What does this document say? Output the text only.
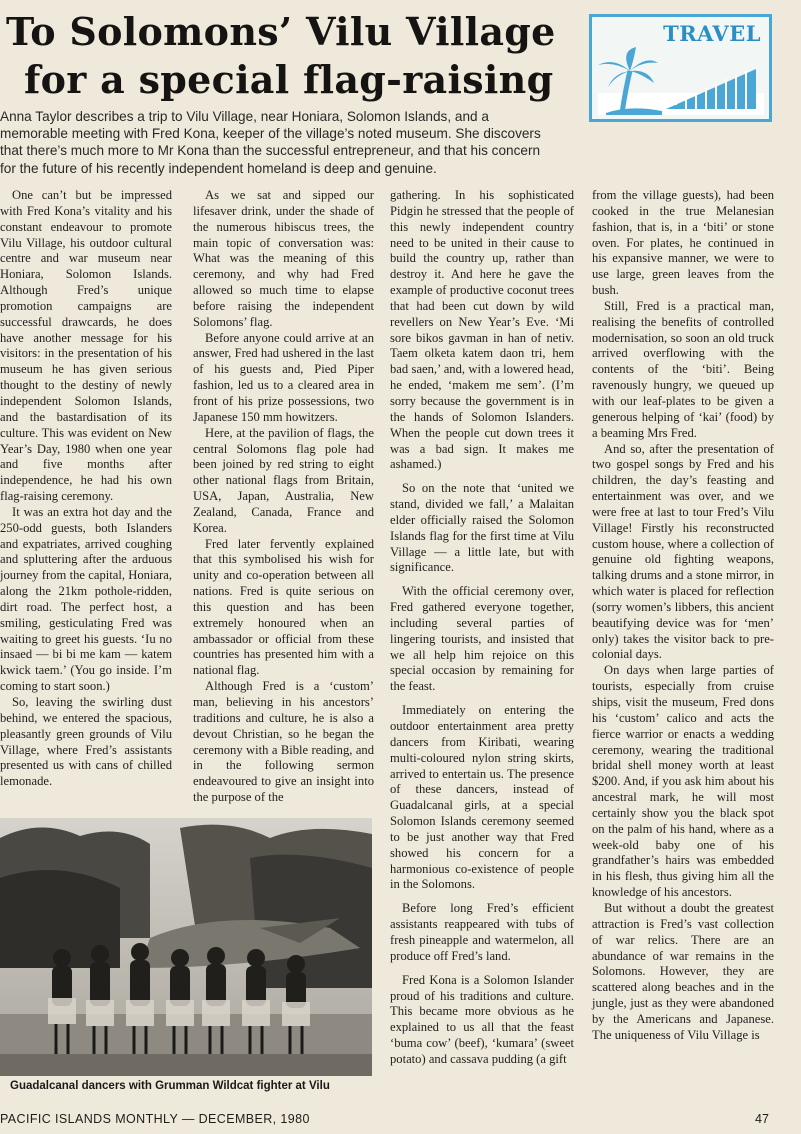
To Solomons’ Vilu Village
for a special flag-raising
TRAVEL

Anna Taylor describes a trip to Vilu Village, near Honiara, Solomon Islands, and a
memorable meeting with Fred Kona, keeper of the village’s noted museum. She discovers
that there’s much more to Mr Kona than the successful entrepreneur, and that his concern
for the future of his recently independent homeland is deep and genuine.

One can’t but be impressed with Fred Kona’s vitality and his constant endeavour to promote Vilu Village, his outdoor cultural centre and war museum near Honiara, Solomon Islands. Although Fred’s unique promotion campaigns are successful drawcards, he does have another message for his visitors: in the presentation of his museum he has given serious thought to the destiny of newly independent Solomon Islands, and the bastardisation of its culture. This was evident on New Year’s Day, 1980 when one year and five months after independence, he had his own flag-raising ceremony.

It was an extra hot day and the 250-odd guests, both Islanders and expatriates, arrived coughing and spluttering after the arduous journey from the capital, Honiara, along the 21km pothole-ridden, dirt road. The perfect host, a smiling, gesticulating Fred was waiting to greet his guests. ‘Iu no insaed — bi bi me kam — katem kwick taem.’ (You go inside. I’m coming to start soon.)

So, leaving the swirling dust behind, we entered the spacious, pleasantly green grounds of Vilu Village, where Fred’s assistants presented us with cans of chilled lemonade.

As we sat and sipped our lifesaver drink, under the shade of the numerous hibiscus trees, the main topic of conversation was: What was the meaning of this ceremony, and why had Fred allowed so much time to elapse before raising the independent Solomons’ flag.

Before anyone could arrive at an answer, Fred had ushered in the last of his guests and, Pied Piper fashion, led us to a cleared area in front of his prize possessions, two Japanese 150 mm howitzers.

Here, at the pavilion of flags, the central Solomons flag pole had been joined by red string to eight other national flags from Britain, USA, Japan, Australia, New Zealand, Canada, France and Korea.

Fred later fervently explained that this symbolised his wish for unity and co-operation between all nations. Fred is quite serious on this question and has been extremely honoured when an ambassador or official from these countries has presented him with a national flag.

Although Fred is a ‘custom’ man, believing in his ancestors’ traditions and culture, he is also a devout Christian, so he began the ceremony with a Bible reading, and in the following sermon endeavoured to give an insight into the purpose of the

gathering. In his sophisticated Pidgin he stressed that the people of this newly independent country need to be united in their cause to build the country up, rather than destroy it. And here he gave the example of productive coconut trees that had been cut down by wild revellers on New Year’s Eve. ‘Mi sore bikos gavman in han of netiv. Taem olketa katem daon tri, hem bad saen,’ and, with a lowered head, he ended, ‘makem me sem’. (I’m sorry because the government is in the hands of Solomon Islanders. When the people cut down trees it was a bad sign. It makes me ashamed.)

So on the note that ‘united we stand, divided we fall,’ a Malaitan elder officially raised the Solomon Islands flag for the first time at Vilu Village — a little late, but with significance.

With the official ceremony over, Fred gathered everyone together, including several parties of lingering tourists, and insisted that we all help him rejoice on this special occasion by remaining for the feast.

Immediately on entering the outdoor entertainment area pretty dancers from Kiribati, wearing multi-coloured nylon string skirts, arrived to entertain us. The presence of these dancers, instead of Guadalcanal girls, at a special Solomon Islands ceremony seemed to be just another way that Fred showed his concern for a harmonious co-existence of people in the Solomons.

Before long Fred’s efficient assistants reappeared with tubs of fresh pineapple and watermelon, all produce off Fred’s land.

Fred Kona is a Solomon Islander proud of his traditions and culture. This became more obvious as he explained to us all that the feast ‘buma cow’ (beef), ‘kumara’ (sweet potato) and cassava pudding (a gift

from the village guests), had been cooked in the true Melanesian fashion, that is, in a ‘biti’ or stone oven. For plates, he continued in his expansive manner, we were to use large, green leaves from the bush.

Still, Fred is a practical man, realising the benefits of controlled modernisation, so soon an old truck arrived overflowing with the contents of the ‘biti’. Being ravenously hungry, we queued up with our leaf-plates to be given a generous helping of ‘kai’ (food) by a beaming Mrs Fred.

And so, after the presentation of two gospel songs by Fred and his children, the day’s feasting and entertainment was over, and we were free at last to tour Fred’s Vilu Village! Firstly his reconstructed custom house, where a collection of genuine old fighting weapons, talking drums and a stone mirror, in which water is placed for reflection (sorry women’s libbers, this ancient beautifying device was for ‘men’ only) takes the visitor back to pre-colonial days.

On days when large parties of tourists, especially from cruise ships, visit the museum, Fred dons his ‘custom’ calico and acts the fierce warrior or enacts a wedding ceremony, wearing the traditional bridal shell money worth at least $200. And, if you ask him about his ancestral mark, he will most certainly show you the black spot on the palm of his hand, where as a week-old baby one of his grandfather’s hairs was embedded in his flesh, thus giving him all the knowledge of his ancestors.

But without a doubt the greatest attraction is Fred’s vast collection of war relics. There are an abundance of war remains in the Solomons. However, they are scattered along beaches and in the jungle, just as they were abandoned by the Americans and Japanese. The uniqueness of Vilu Village is

Guadalcanal dancers with Grumman Wildcat fighter at Vilu
PACIFIC ISLANDS MONTHLY — DECEMBER, 1980	47
